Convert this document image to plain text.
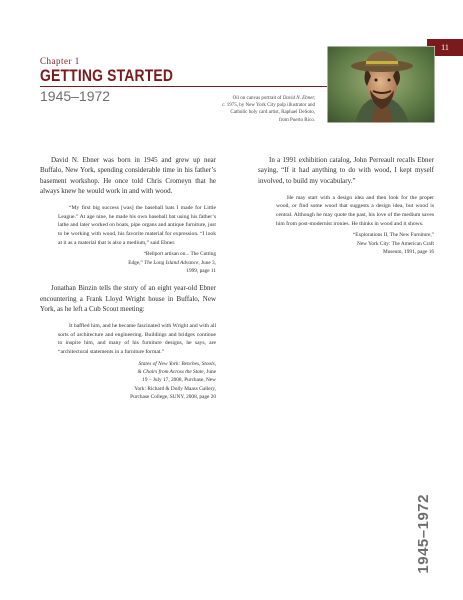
11
Chapter 1
GETTING STARTED
1945–1972	Oil on canvas portrait of David N. Ebner,
c. 1975, by New York City pulp illustrator and
Catholic holy card artist, Raphael DeSoto,
from Puerto Rico.

David N. Ebner was born in 1945 and grew up near Buffalo, New York, spending considerable time in his father’s basement workshop. He once told Chris Cromeyn that he always knew he would work in and with wood.

“My first big success [was] the baseball bats I made for Little League.” At age nine, he made his own baseball bat using his father’s lathe and later worked on boats, pipe organs and antique furniture, just to be working with wood, his favorite material for expression. “I look at it as a material that is also a medium,” said Ebner.

“Bellport artisan on... The Cutting
Edge,” The Long Island Advance, June 3,
1999, page 11

Jonathan Binzin tells the story of an eight year-old Ebner encountering a Frank Lloyd Wright house in Buffalo, New York, as he left a Cub Scout meeting:

It baffled him, and he became fascinated with Wright and with all sorts of architecture and engineering. Buildings and bridges continue to inspire him, and many of his furniture designs, he says, are “architectural statements in a furniture format.”

States of New York: Benches, Stools,
& Chairs from Across the State, June
19 – July 17, 2008, Purchase, New
York: Richard & Dolly Maass Gallery,
Purchase College, SUNY, 2008, page 20

In a 1991 exhibition catalog, John Perreault recalls Ebner saying, “If it had anything to do with wood, I kept myself involved, to build my vocabulary.”

He may start with a design idea and then look for the proper wood, or find some wood that suggests a design idea, but wood is central. Although he may quote the past, his love of the medium saves him from post-modernist ironies. He thinks in wood and it shows.

“Explorations II, The New Furniture,”
New York City: The American Craft
Museum, 1991, page 16
1945–1972
